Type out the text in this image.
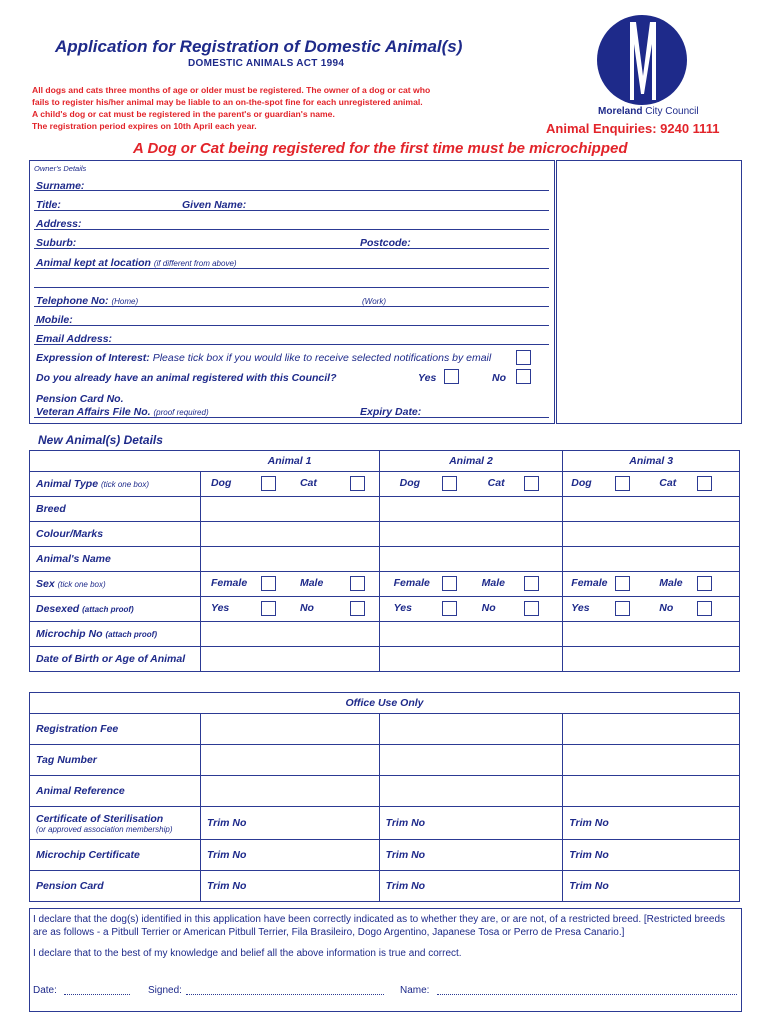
Application for Registration of Domestic Animal(s)
DOMESTIC ANIMALS ACT 1994
All dogs and cats three months of age or older must be registered. The owner of a dog or cat who
fails to register his/her animal may be liable to an on-the-spot fine for each unregistered animal.
A child's dog or cat must be registered in the parent's or guardian's name.
The registration period expires on 10th April each year.
Moreland City Council
Animal Enquiries: 9240 1111
A Dog or Cat being registered for the first time must be microchipped
Owner's Details
Surname:
Title:	Given Name:
Address:
Suburb:	Postcode:
Animal kept at location (if different from above)
Telephone No: (Home)	(Work)
Mobile:
Email Address:
Expression of Interest: Please tick box if you would like to receive selected notifications by email
Do you already have an animal registered with this Council?	Yes	No
Pension Card No.
Veteran Affairs File No. (proof required)	Expiry Date:
New Animal(s) Details
	Animal 1	Animal 2	Animal 3
Animal Type (tick one box)	Dog Cat	Dog Cat	Dog Cat

Breed			
Colour/Marks			
Animal's Name			
Sex (tick one box)	Female Male	Female Male	Female Male

Desexed (attach proof)	Yes No	Yes No	Yes No

Microchip No (attach proof)			
Date of Birth or Age of Animal			
Office Use Only			
Registration Fee			
Tag Number			
Animal Reference			

Certificate of Sterilisation
(or approved association membership)	Trim No	Trim No	Trim No
Microchip Certificate	Trim No	Trim No	Trim No
Pension Card	Trim No	Trim No	Trim No
I declare that the dog(s) identified in this application have been correctly indicated as to whether they are, or are not, of a restricted breed. [Restricted breeds are as follows - a Pitbull Terrier or American Pitbull Terrier, Fila Brasileiro, Dogo Argentino, Japanese Tosa or Perro de Presa Canario.]
I declare that to the best of my knowledge and belief all the above information is true and correct.
Date:	Signed:	Name:
